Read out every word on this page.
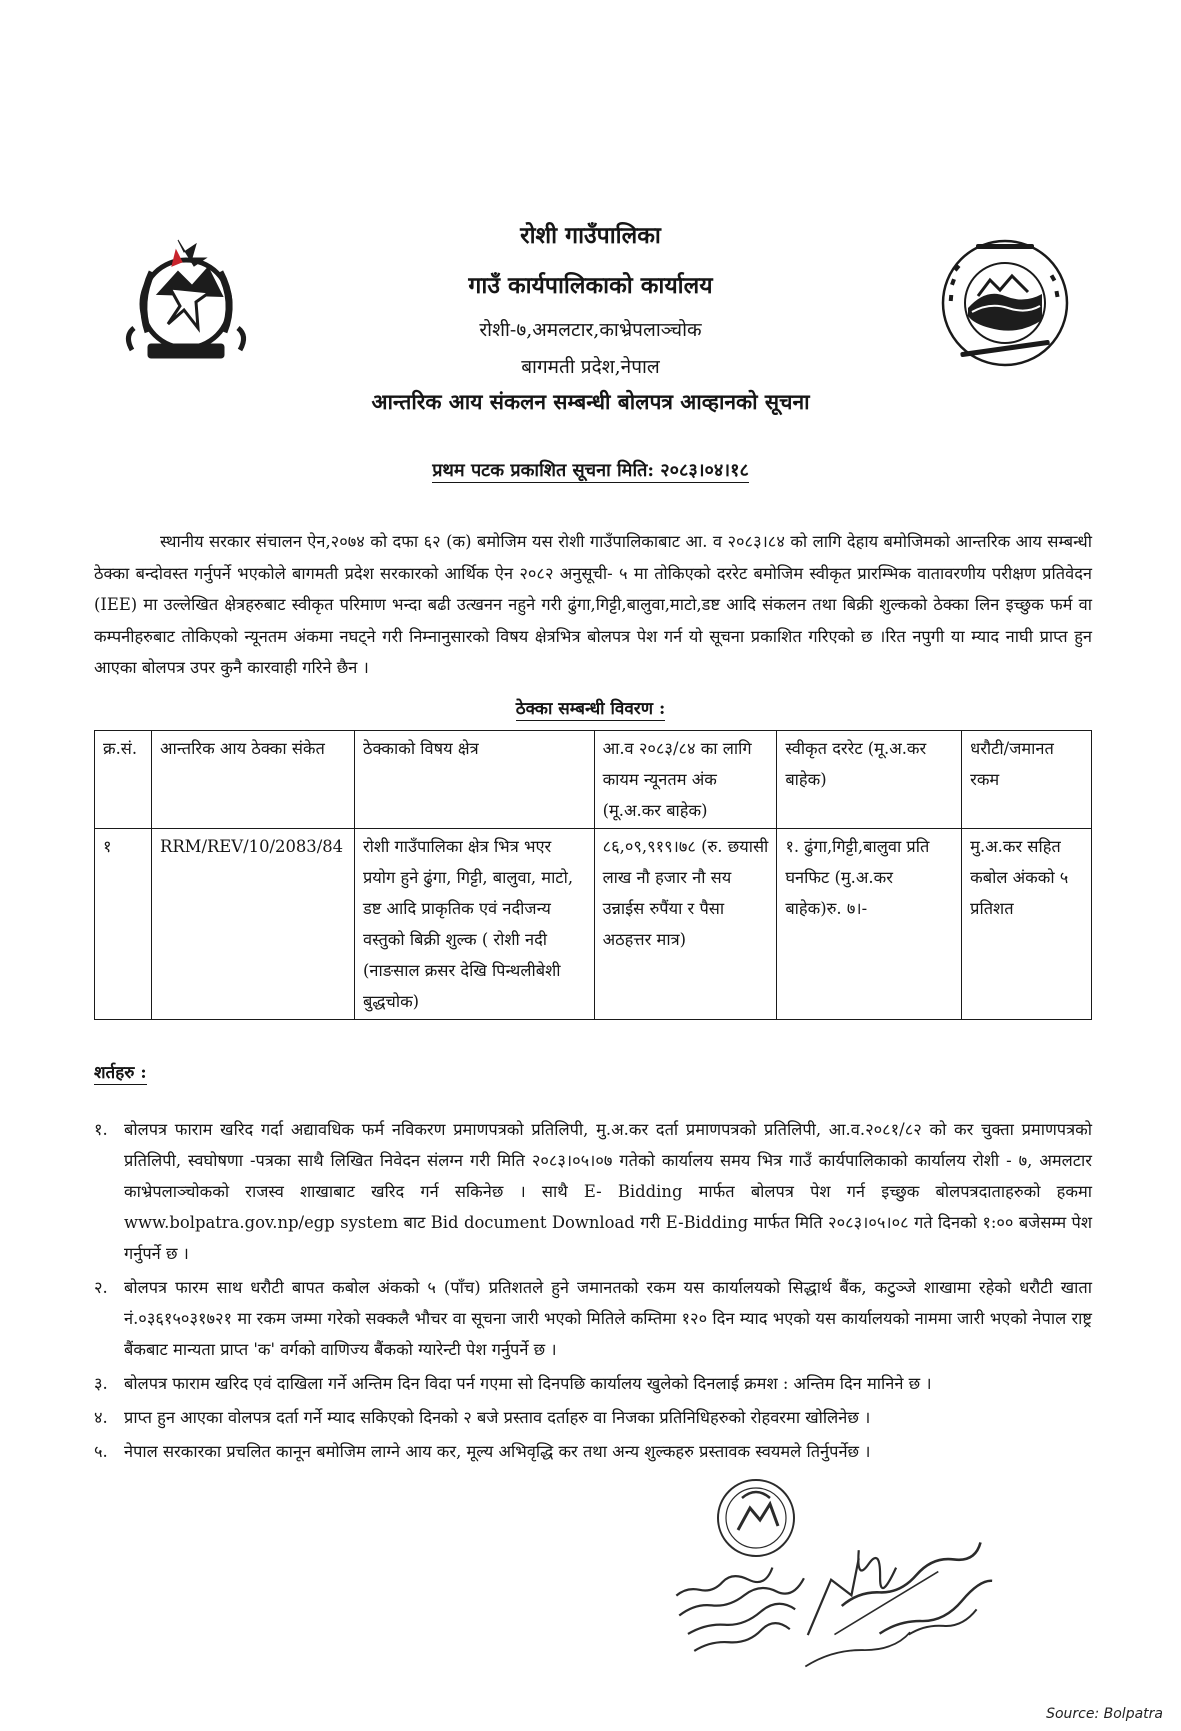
रोशी गाउँपालिका
गाउँ कार्यपालिकाको कार्यालय
रोशी-७,अमलटार,काभ्रेपलाञ्चोक
बागमती प्रदेश,नेपाल
आन्तरिक आय संकलन सम्बन्धी बोलपत्र आव्हानको सूचना
प्रथम पटक प्रकाशित सूचना मिति: २०८३।०४।१८

स्थानीय सरकार संचालन ऐन,२०७४ को दफा ६२ (क) बमोजिम यस रोशी गाउँपालिकाबाट आ. व २०८३।८४ को लागि देहाय बमोजिमको आन्तरिक आय सम्बन्धी ठेक्का बन्दोवस्त गर्नुपर्ने भएकोले बागमती प्रदेश सरकारको आर्थिक ऐन २०८२ अनुसूची- ५ मा तोकिएको दररेट बमोजिम स्वीकृत प्रारम्भिक वातावरणीय परीक्षण प्रतिवेदन (IEE) मा उल्लेखित क्षेत्रहरुबाट स्वीकृत परिमाण भन्दा बढी उत्खनन नहुने गरी ढुंगा,गिट्टी,बालुवा,माटो,डष्ट आदि संकलन तथा बिक्री शुल्कको ठेक्का लिन इच्छुक फर्म वा कम्पनीहरुबाट तोकिएको न्यूनतम अंकमा नघट्ने गरी निम्नानुसारको विषय क्षेत्रभित्र बोलपत्र पेश गर्न यो सूचना प्रकाशित गरिएको छ ।रित नपुगी या म्याद नाघी प्राप्त हुन आएका बोलपत्र उपर कुनै कारवाही गरिने छैन ।

ठेक्का सम्बन्धी विवरण :
क्र.सं.	आन्तरिक आय ठेक्का संकेत	ठेक्काको विषय क्षेत्र	आ.व २०८३/८४ का लागि कायम न्यूनतम अंक (मू.अ.कर बाहेक)	स्वीकृत दररेट (मू.अ.कर बाहेक)	धरौटी/जमानत रकम
१	RRM/REV/10/2083/84	रोशी गाउँपालिका क्षेत्र भित्र भएर प्रयोग हुने ढुंगा, गिट्टी, बालुवा, माटो, डष्ट आदि प्राकृतिक एवं नदीजन्य वस्तुको बिक्री शुल्क ( रोशी नदी (नाङसाल क्रसर देखि पिन्थलीबेशी बुद्धचोक)	८६,०९,९१९।७८ (रु. छयासी लाख नौ हजार नौ सय उन्नाईस रुपैंया र पैसा अठहत्तर मात्र)	१. ढुंगा,गिट्टी,बालुवा प्रति घनफिट (मु.अ.कर बाहेक)रु. ७।-	मु.अ.कर सहित कबोल अंकको ५ प्रतिशत
शर्तहरु :
१. बोलपत्र फाराम खरिद गर्दा अद्यावधिक फर्म नविकरण प्रमाणपत्रको प्रतिलिपी, मु.अ.कर दर्ता प्रमाणपत्रको प्रतिलिपी, आ.व.२०८१/८२ को कर चुक्ता प्रमाणपत्रको प्रतिलिपी, स्वघोषणा -पत्रका साथै लिखित निवेदन संलग्न गरी मिति २०८३।०५।०७ गतेको कार्यालय समय भित्र गाउँ कार्यपालिकाको कार्यालय रोशी - ७, अमलटार काभ्रेपलाञ्चोकको राजस्व शाखाबाट खरिद गर्न सकिनेछ । साथै E- Bidding मार्फत बोलपत्र पेश गर्न इच्छुक बोलपत्रदाताहरुको हकमा www.bolpatra.gov.np/egp system बाट Bid document Download गरी E-Bidding मार्फत मिति २०८३।०५।०८ गते दिनको १:०० बजेसम्म पेश गर्नुपर्ने छ ।
२. बोलपत्र फारम साथ धरौटी बापत कबोल अंकको ५ (पाँच) प्रतिशतले हुने जमानतको रकम यस कार्यालयको सिद्धार्थ बैंक, कटुञ्जे शाखामा रहेको धरौटी खाता नं.०३६१५०३१७२१ मा रकम जम्मा गरेको सक्कलै भौचर वा सूचना जारी भएको मितिले कम्तिमा १२० दिन म्याद भएको यस कार्यालयको नाममा जारी भएको नेपाल राष्ट्र बैंकबाट मान्यता प्राप्त 'क' वर्गको वाणिज्य बैंकको ग्यारेन्टी पेश गर्नुपर्ने छ ।
३. बोलपत्र फाराम खरिद एवं दाखिला गर्ने अन्तिम दिन विदा पर्न गएमा सो दिनपछि कार्यालय खुलेको दिनलाई क्रमश : अन्तिम दिन मानिने छ ।
४. प्राप्त हुन आएका वोलपत्र दर्ता गर्ने म्याद सकिएको दिनको २ बजे प्रस्ताव दर्ताहरु वा निजका प्रतिनिधिहरुको रोहवरमा खोलिनेछ ।
५. नेपाल सरकारका प्रचलित कानून बमोजिम लाग्ने आय कर, मूल्य अभिवृद्धि कर तथा अन्य शुल्कहरु प्रस्तावक स्वयमले तिर्नुपर्नेछ ।
Source: Bolpatra
